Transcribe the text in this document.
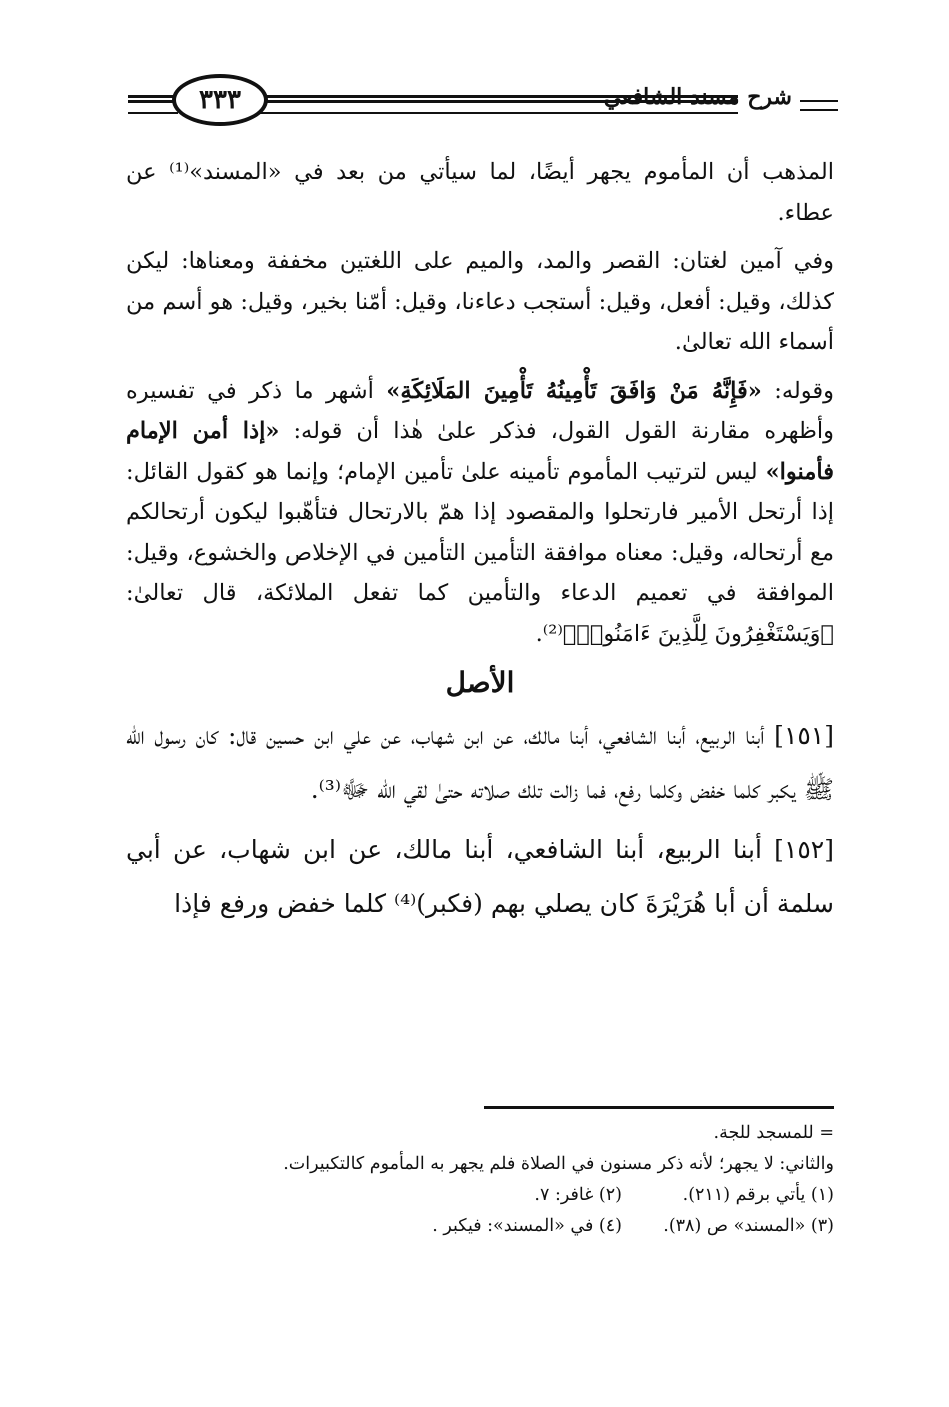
شرح مسند الشافعي
٣٣٣

المذهب أن المأموم يجهر أيضًا، لما سيأتي من بعد في «المسند»⁽¹⁾ عن عطاء.

وفي آمين لغتان: القصر والمد، والميم على اللغتين مخففة ومعناها: ليكن كذلك، وقيل: أفعل، وقيل: أستجب دعاءنا، وقيل: أمّنا بخير، وقيل: هو أسم من أسماء الله تعالىٰ.

وقوله: «فَإِنَّهُ مَنْ وَافَقَ تَأْمِينُهُ تَأْمِينَ المَلَائِكَةِ» أشهر ما ذكر في تفسيره وأظهره مقارنة القول القول، فذكر علىٰ هٰذا أن قوله: «إذا أمن الإمام فأمنوا» ليس لترتيب المأموم تأمينه علىٰ تأمين الإمام؛ وإنما هو كقول القائل: إذا أرتحل الأمير فارتحلوا والمقصود إذا همّ بالارتحال فتأهّبوا ليكون أرتحالكم مع أرتحاله، وقيل: معناه موافقة التأمين التأمين في الإخلاص والخشوع، وقيل: الموافقة في تعميم الدعاء والتأمين كما تفعل الملائكة، قال تعالىٰ: ﴿وَيَسْتَغْفِرُونَ لِلَّذِينَ ءَامَنُوا۟﴾⁽²⁾.

الأصل

[١٥١] أبنا الربيع، أبنا الشافعي، أبنا مالك، عن ابن شهاب، عن علي ابن حسين قال: كان رسول الله ﷺ يكبر كلما خفض وكلما رفع، فما زالت تلك صلاته حتىٰ لقي الله ﷻ⁽³⁾.

[١٥٢] أبنا الربيع، أبنا الشافعي، أبنا مالك، عن ابن شهاب، عن أبي سلمة أن أبا هُرَيْرَةَ كان يصلي بهم (فكبر)⁽⁴⁾ كلما خفض ورفع فإذا

= للمسجد للجة.

والثاني: لا يجهر؛ لأنه ذكر مسنون في الصلاة فلم يجهر به المأموم كالتكبيرات.

(١) يأتي برقم (٢١١).
(٢) غافر: ٧.
(٣) «المسند» ص (٣٨).
(٤) في «المسند»: فيكبر .
